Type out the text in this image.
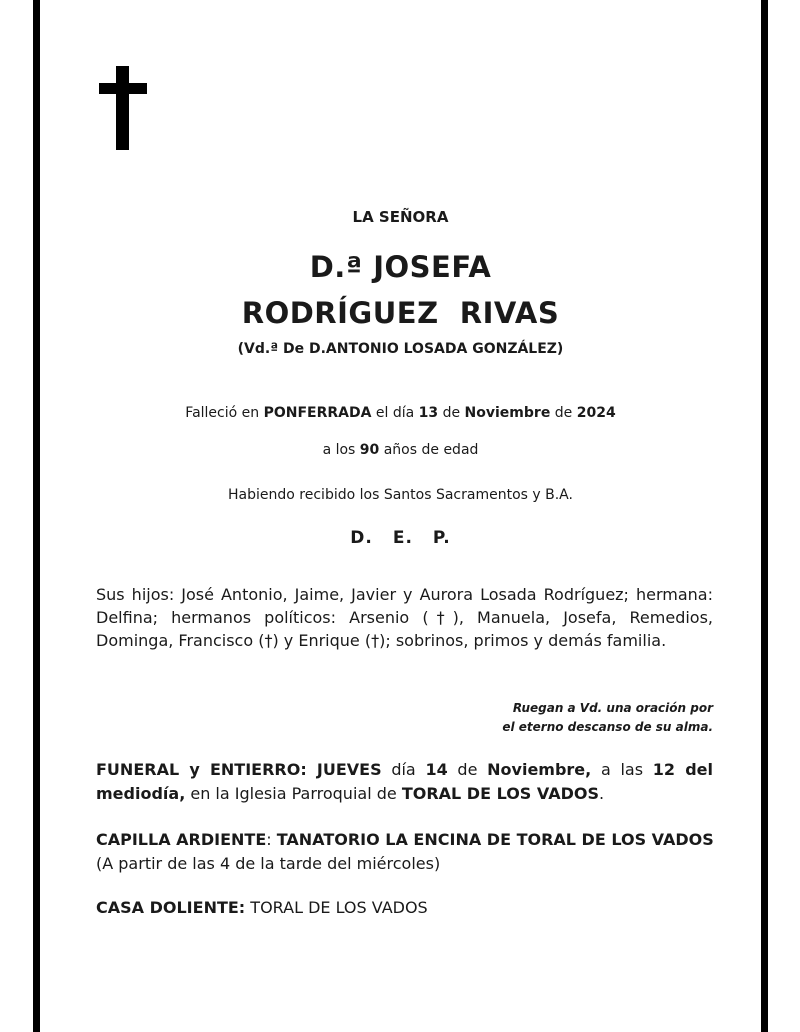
LA SEÑORA
D.ª JOSEFA
RODRÍGUEZ  RIVAS
(Vd.ª De D.ANTONIO LOSADA GONZÁLEZ)
Falleció en PONFERRADA el día 13 de Noviembre de 2024
a los 90 años de edad
Habiendo recibido los Santos Sacramentos y B.A.
D. E. P.
Sus hijos: José Antonio, Jaime, Javier y Aurora Losada Rodríguez; hermana: Delfina; hermanos políticos: Arsenio (†), Manuela, Josefa, Remedios, Dominga, Francisco (†) y Enrique (†); sobrinos, primos y demás familia.
Ruegan a Vd. una oración por
el eterno descanso de su alma.
FUNERAL y ENTIERRO: JUEVES día 14 de Noviembre, a las 12 del mediodía, en la Iglesia Parroquial de TORAL DE LOS VADOS.
CAPILLA ARDIENTE: TANATORIO LA ENCINA DE TORAL DE LOS VADOS
(A partir de las 4 de la tarde del miércoles)
CASA DOLIENTE: TORAL DE LOS VADOS
